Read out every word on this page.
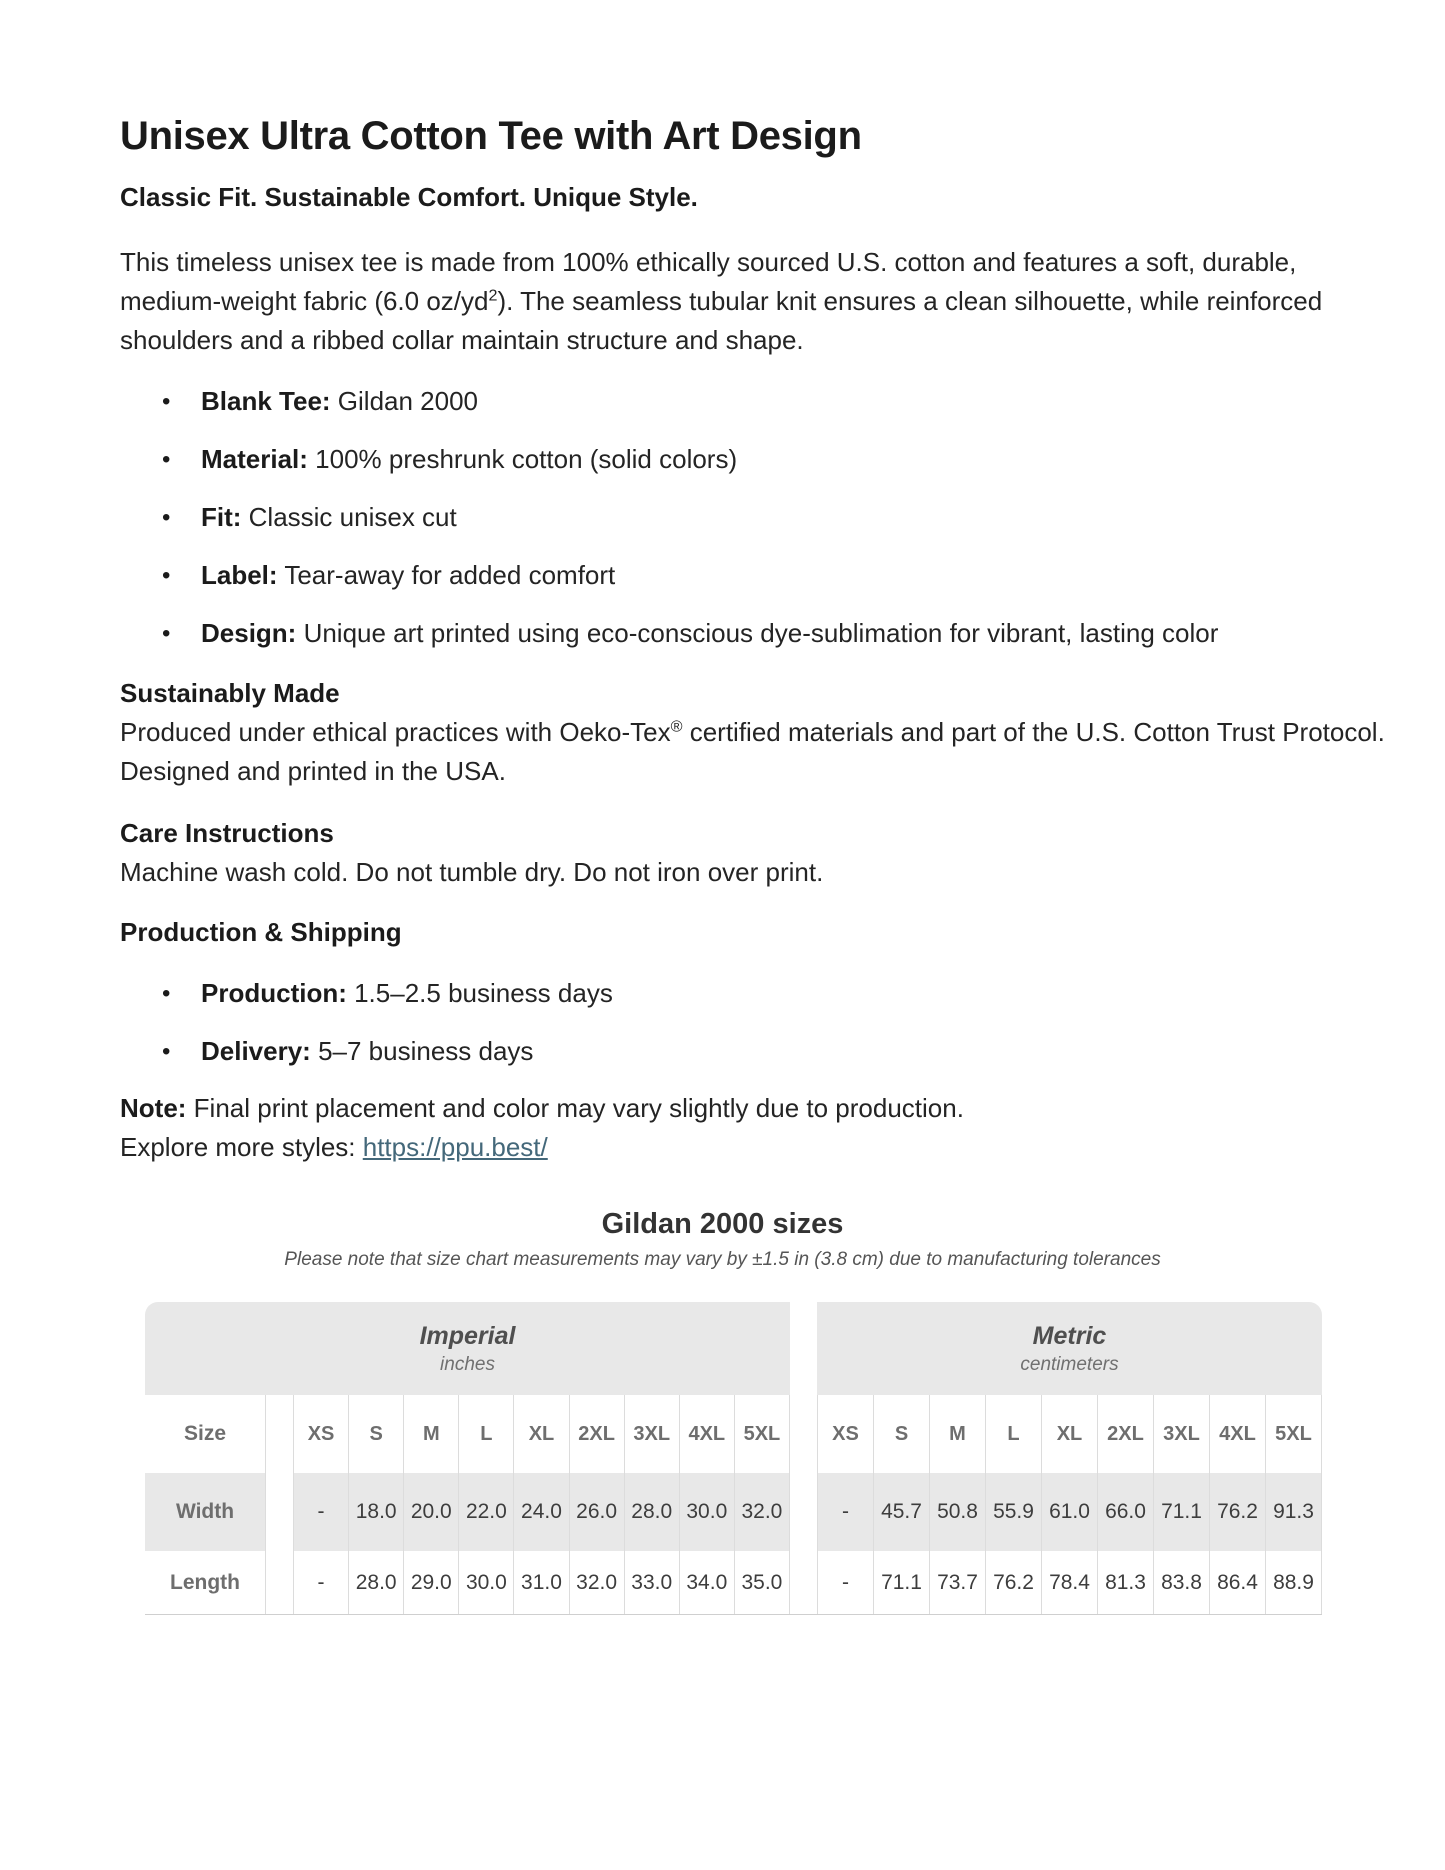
Unisex Ultra Cotton Tee with Art Design
Classic Fit. Sustainable Comfort. Unique Style.

This timeless unisex tee is made from 100% ethically sourced U.S. cotton and features a soft, durable, medium-weight fabric (6.0 $oz/yd^2$). The seamless tubular knit ensures a clean silhouette, while reinforced shoulders and a ribbed collar maintain structure and shape.

• Blank Tee: Gildan 2000
• Material: 100% preshrunk cotton (solid colors)
• Fit: Classic unisex cut
• Label: Tear-away for added comfort
• Design: Unique art printed using eco-conscious dye-sublimation for vibrant, lasting color
Sustainably Made

Produced under ethical practices with Oeko-Tex® certified materials and part of the U.S. Cotton Trust Protocol. Designed and printed in the USA.

Care Instructions

Machine wash cold. Do not tumble dry. Do not iron over print.

Production & Shipping
• Production: 1.5–2.5 business days
• Delivery: 5–7 business days

Note: Final print placement and color may vary slightly due to production.

Explore more styles: https://ppu.best/

Gildan 2000 sizes

Please note that size chart measurements may vary by ±1.5 in (3.8 cm) due to manufacturing tolerances

Imperial
inches
Metric
centimeters
Size	XS	S	M	L	XL	2XL 3XL 4XL 5XL	XS	S	M	L	XL	2XL 3XL 4XL 5XL
Width	-	18.0 20.0 22.0 24.0 26.0 28.0 30.0 32.0	-	45.7 50.8 55.9 61.0 66.0 71.1 76.2 91.3
Length	-	28.0 29.0 30.0 31.0 32.0 33.0 34.0 35.0	-	71.1 73.7 76.2 78.4 81.3 83.8 86.4 88.9
